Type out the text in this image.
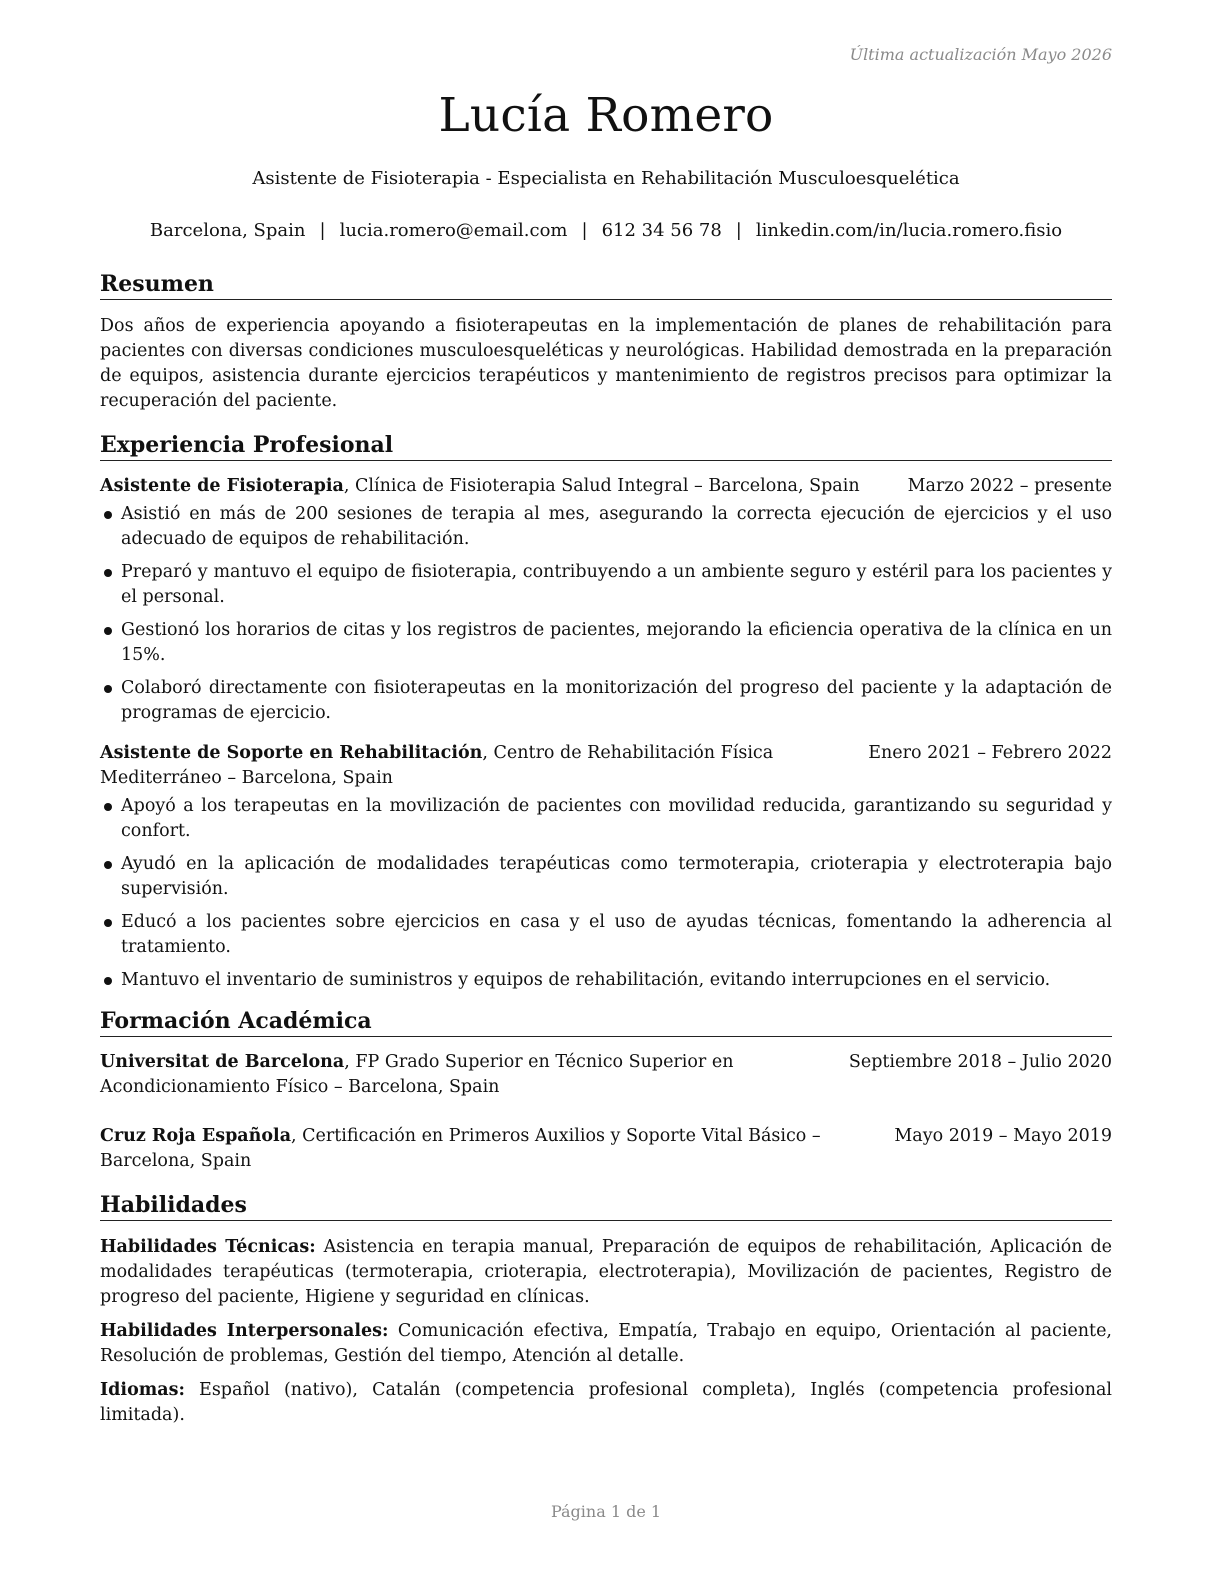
Última actualización Mayo 2026
Lucía Romero
Asistente de Fisioterapia - Especialista en Rehabilitación Musculoesquelética
Barcelona, Spain | lucia.romero@email.com | 612 34 56 78 | linkedin.com/in/lucia.romero.fisio
Resumen

Dos años de experiencia apoyando a fisioterapeutas en la implementación de planes de rehabilitación para pacientes con diversas condiciones musculoesqueléticas y neurológicas. Habilidad demostrada en la preparación de equipos, asistencia durante ejercicios terapéuticos y mantenimiento de registros precisos para optimizar la recuperación del paciente.

Experiencia Profesional
Asistente de Fisioterapia, Clínica de Fisioterapia Salud Integral – Barcelona, Spain	Marzo 2022 – presente
Asistió en más de 200 sesiones de terapia al mes, asegurando la correcta ejecución de ejercicios y el uso adecuado de equipos de rehabilitación.
Preparó y mantuvo el equipo de fisioterapia, contribuyendo a un ambiente seguro y estéril para los pacientes y el personal.
Gestionó los horarios de citas y los registros de pacientes, mejorando la eficiencia operativa de la clínica en un 15%.
Colaboró directamente con fisioterapeutas en la monitorización del progreso del paciente y la adaptación de programas de ejercicio.
Asistente de Soporte en Rehabilitación, Centro de Rehabilitación Física Mediterráneo – Barcelona, Spain
Enero 2021 – Febrero 2022
Apoyó a los terapeutas en la movilización de pacientes con movilidad reducida, garantizando su seguridad y confort.
Ayudó en la aplicación de modalidades terapéuticas como termoterapia, crioterapia y electroterapia bajo supervisión.
Educó a los pacientes sobre ejercicios en casa y el uso de ayudas técnicas, fomentando la adherencia al tratamiento.
Mantuvo el inventario de suministros y equipos de rehabilitación, evitando interrupciones en el servicio.
Formación Académica
Universitat de Barcelona, FP Grado Superior en Técnico Superior en Acondicionamiento Físico – Barcelona, Spain
Septiembre 2018 – Julio 2020
Cruz Roja Española, Certificación en Primeros Auxilios y Soporte Vital Básico – Barcelona, Spain
Mayo 2019 – Mayo 2019
Habilidades

Habilidades Técnicas: Asistencia en terapia manual, Preparación de equipos de rehabilitación, Aplicación de modalidades terapéuticas (termoterapia, crioterapia, electroterapia), Movilización de pacientes, Registro de progreso del paciente, Higiene y seguridad en clínicas.

Habilidades Interpersonales: Comunicación efectiva, Empatía, Trabajo en equipo, Orientación al paciente, Resolución de problemas, Gestión del tiempo, Atención al detalle.

Idiomas: Español (nativo), Catalán (competencia profesional completa), Inglés (competencia profesional limitada).

Página 1 de 1
